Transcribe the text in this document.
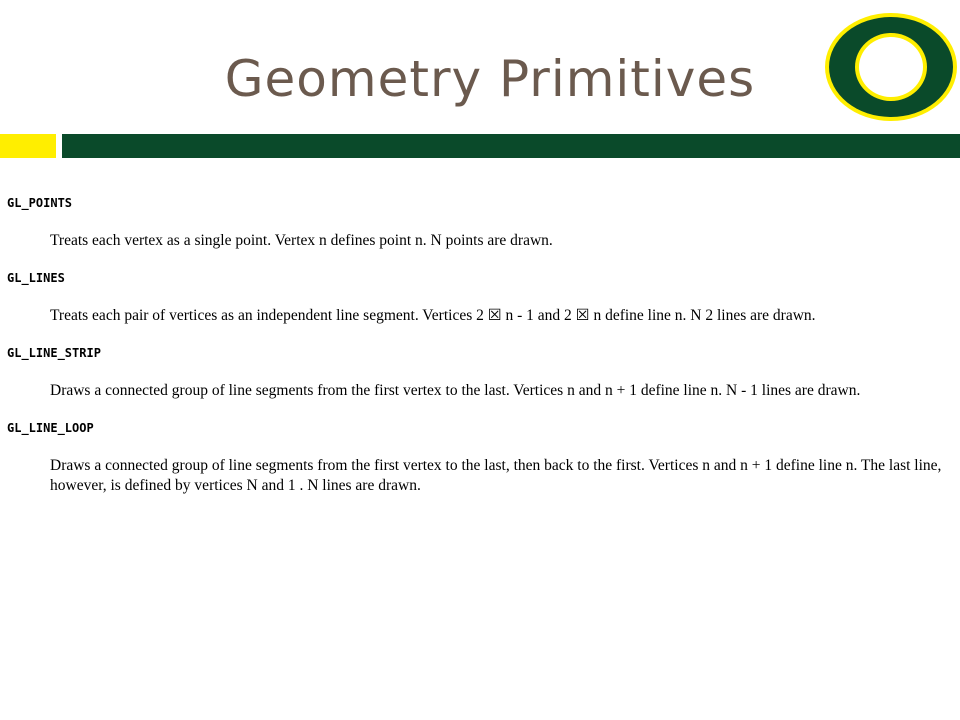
Geometry Primitives

GL_POINTS

Treats each vertex as a single point. Vertex n defines point n. N points are drawn.

GL_LINES

Treats each pair of vertices as an independent line segment. Vertices 2 ☒ n - 1 and 2 ☒ n define line n. N 2 lines are drawn.

GL_LINE_STRIP

Draws a connected group of line segments from the first vertex to the last. Vertices n and n + 1 define line n. N - 1 lines are drawn.

GL_LINE_LOOP

Draws a connected group of line segments from the first vertex to the last, then back to the first. Vertices n and n + 1 define line n. The last line, however, is defined by vertices N and 1 . N lines are drawn.
